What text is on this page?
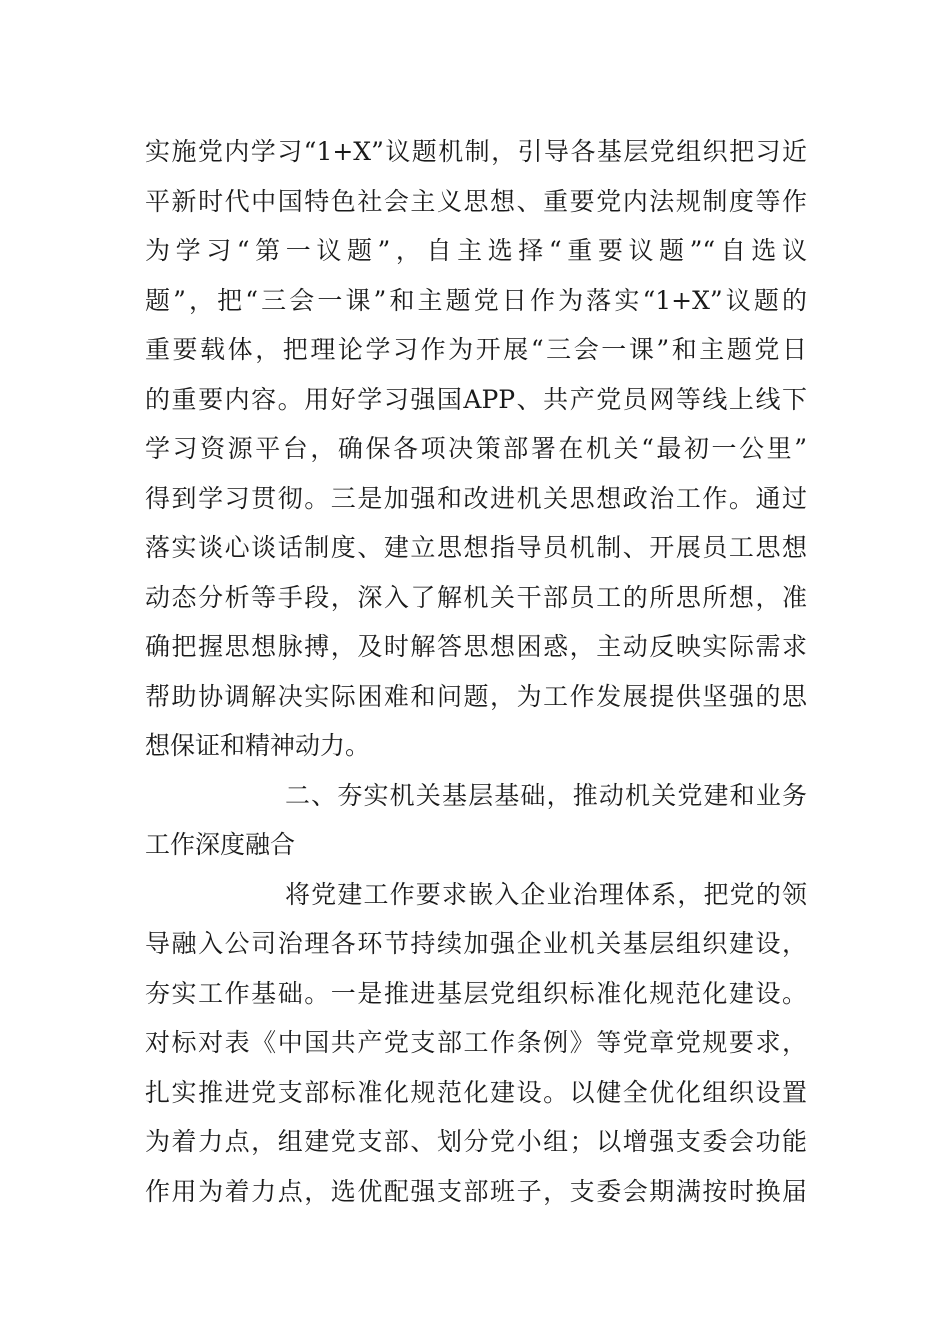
实施党内学习“1+X”议题机制，引导各基层党组织把习近
平新时代中国特色社会主义思想、重要党内法规制度等作
为学习“第一议题”，自主选择“重要议题”“自选议
题”，把“三会一课”和主题党日作为落实“1+X”议题的
重要载体，把理论学习作为开展“三会一课”和主题党日
的重要内容。用好学习强国APP、共产党员网等线上线下
学习资源平台，确保各项决策部署在机关“最初一公里”
得到学习贯彻。三是加强和改进机关思想政治工作。通过
落实谈心谈话制度、建立思想指导员机制、开展员工思想
动态分析等手段，深入了解机关干部员工的所思所想，准
确把握思想脉搏，及时解答思想困惑，主动反映实际需求
帮助协调解决实际困难和问题，为工作发展提供坚强的思
想保证和精神动力。
二、夯实机关基层基础，推动机关党建和业务
工作深度融合
将党建工作要求嵌入企业治理体系，把党的领
导融入公司治理各环节持续加强企业机关基层组织建设，
夯实工作基础。一是推进基层党组织标准化规范化建设。
对标对表《中国共产党支部工作条例》等党章党规要求，
扎实推进党支部标准化规范化建设。以健全优化组织设置
为着力点，组建党支部、划分党小组；以增强支委会功能
作用为着力点，选优配强支部班子，支委会期满按时换届
